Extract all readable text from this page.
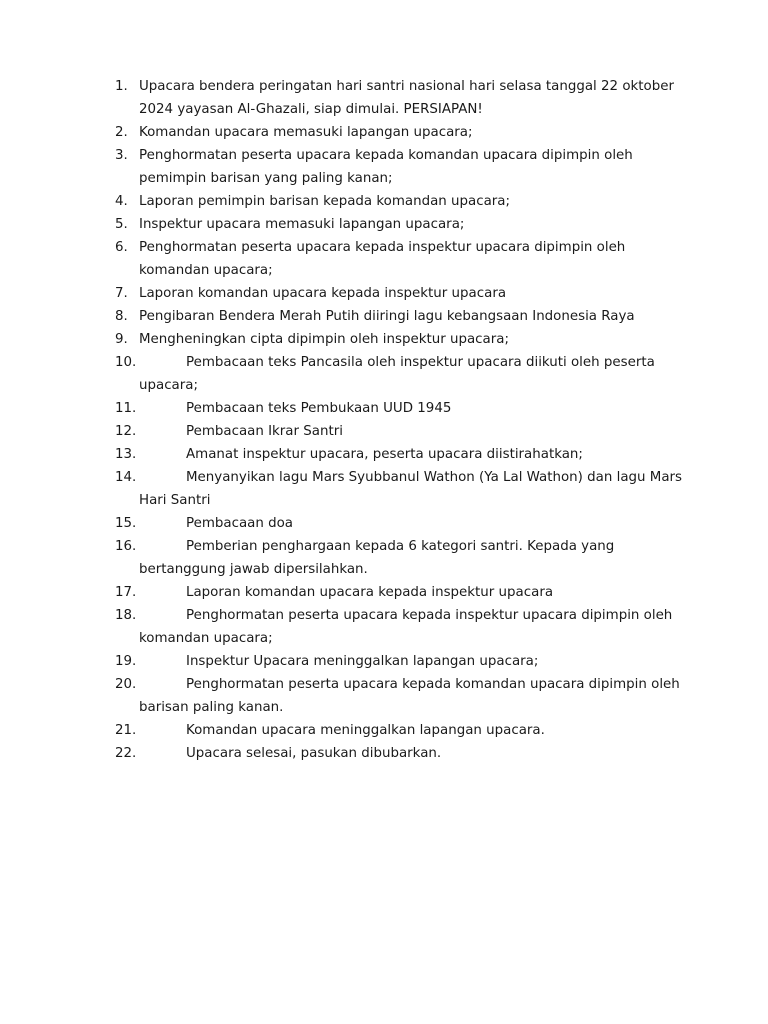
1. Upacara bendera peringatan hari santri nasional hari selasa tanggal 22 oktober 2024 yayasan Al-Ghazali, siap dimulai. PERSIAPAN!
2. Komandan upacara memasuki lapangan upacara;
3. Penghormatan peserta upacara kepada komandan upacara dipimpin oleh pemimpin barisan yang paling kanan;
4. Laporan pemimpin barisan kepada komandan upacara;
5. Inspektur upacara memasuki lapangan upacara;
6. Penghormatan peserta upacara kepada inspektur upacara dipimpin oleh komandan upacara;
7. Laporan komandan upacara kepada inspektur upacara
8. Pengibaran Bendera Merah Putih diiringi lagu kebangsaan Indonesia Raya
9. Mengheningkan cipta dipimpin oleh inspektur upacara;
10.	Pembacaan teks Pancasila oleh inspektur upacara diikuti oleh peserta upacara;
11.	Pembacaan teks Pembukaan UUD 1945
12.	Pembacaan Ikrar Santri
13.	Amanat inspektur upacara, peserta upacara diistirahatkan;
14.	Menyanyikan lagu Mars Syubbanul Wathon (Ya Lal Wathon) dan lagu Mars Hari Santri
15.	Pembacaan doa
16.	Pemberian penghargaan kepada 6 kategori santri. Kepada yang bertanggung jawab dipersilahkan.
17.	Laporan komandan upacara kepada inspektur upacara
18.	Penghormatan peserta upacara kepada inspektur upacara dipimpin oleh komandan upacara;
19.	Inspektur Upacara meninggalkan lapangan upacara;
20.	Penghormatan peserta upacara kepada komandan upacara dipimpin oleh barisan paling kanan.
21.	Komandan upacara meninggalkan lapangan upacara.
22.	Upacara selesai, pasukan dibubarkan.
